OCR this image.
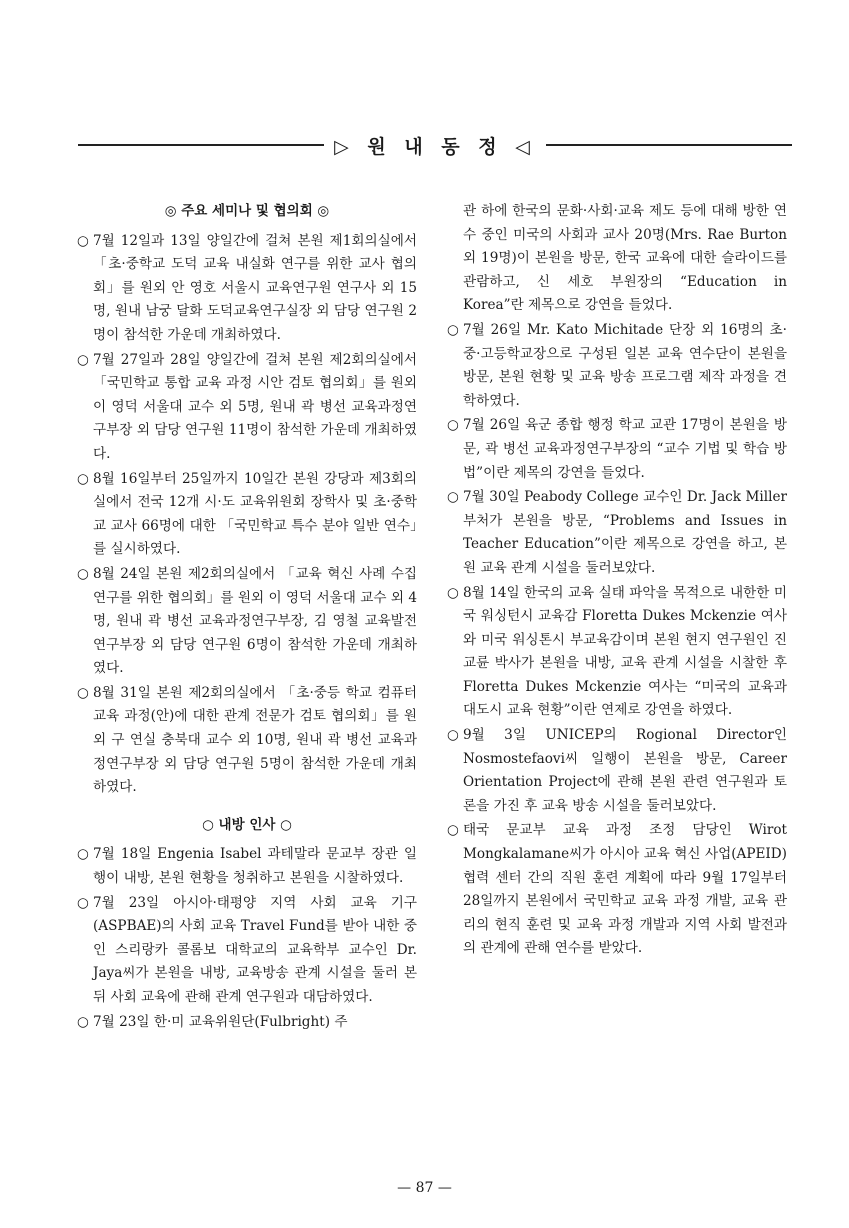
▷ 원 내 동 정 ◁
◎ 주요 세미나 및 협의회 ◎

○ 7월 12일과 13일 양일간에 걸쳐 본원 제1회의실에서 「초·중학교 도덕 교육 내실화 연구를 위한 교사 협의회」를 원외 안 영호 서울시 교육연구원 연구사 외 15명, 원내 남궁 달화 도덕교육연구실장 외 담당 연구원 2명이 참석한 가운데 개최하였다.

○ 7월 27일과 28일 양일간에 걸쳐 본원 제2회의실에서 「국민학교 통합 교육 과정 시안 검토 협의회」를 원외 이 영덕 서울대 교수 외 5명, 원내 곽 병선 교육과정연구부장 외 담당 연구원 11명이 참석한 가운데 개최하였다.

○ 8월 16일부터 25일까지 10일간 본원 강당과 제3회의실에서 전국 12개 시·도 교육위원회 장학사 및 초·중학교 교사 66명에 대한 「국민학교 특수 분야 일반 연수」를 실시하였다.

○ 8월 24일 본원 제2회의실에서 「교육 혁신 사례 수집 연구를 위한 협의회」를 원외 이 영덕 서울대 교수 외 4명, 원내 곽 병선 교육과정연구부장, 김 영철 교육발전연구부장 외 담당 연구원 6명이 참석한 가운데 개최하였다.

○ 8월 31일 본원 제2회의실에서 「초·중등 학교 컴퓨터 교육 과정(안)에 대한 관계 전문가 검토 협의회」를 원외 구 연실 충북대 교수 외 10명, 원내 곽 병선 교육과정연구부장 외 담당 연구원 5명이 참석한 가운데 개최하였다.

○ 내방 인사 ○

○ 7월 18일 Engenia Isabel 과테말라 문교부 장관 일행이 내방, 본원 현황을 청취하고 본원을 시찰하였다.

○ 7월 23일 아시아·태평양 지역 사회 교육 기구(ASPBAE)의 사회 교육 Travel Fund를 받아 내한 중인 스리랑카 콜롬보 대학교의 교육학부 교수인 Dr. Jaya씨가 본원을 내방, 교육방송 관계 시설을 둘러 본 뒤 사회 교육에 관해 관계 연구원과 대담하였다.

○ 7월 23일 한·미 교육위원단(Fulbright) 주

관 하에 한국의 문화·사회·교육 제도 등에 대해 방한 연수 중인 미국의 사회과 교사 20명(Mrs. Rae Burton 외 19명)이 본원을 방문, 한국 교육에 대한 슬라이드를 관람하고, 신 세호 부원장의 “Education in Korea”란 제목으로 강연을 들었다.

○ 7월 26일 Mr. Kato Michitade 단장 외 16명의 초·중·고등학교장으로 구성된 일본 교육 연수단이 본원을 방문, 본원 현황 및 교육 방송 프로그램 제작 과정을 견학하였다.

○ 7월 26일 육군 종합 행정 학교 교관 17명이 본원을 방문, 곽 병선 교육과정연구부장의 “교수 기법 및 학습 방법”이란 제목의 강연을 들었다.

○ 7월 30일 Peabody College 교수인 Dr. Jack Miller 부처가 본원을 방문, “Problems and Issues in Teacher Education”이란 제목으로 강연을 하고, 본원 교육 관계 시설을 둘러보았다.

○ 8월 14일 한국의 교육 실태 파악을 목적으로 내한한 미국 워싱턴시 교육감 Floretta Dukes Mckenzie 여사와 미국 워싱톤시 부교육감이며 본원 현지 연구원인 진 교륜 박사가 본원을 내방, 교육 관계 시설을 시찰한 후 Floretta Dukes Mckenzie 여사는 “미국의 교육과 대도시 교육 현황”이란 연제로 강연을 하였다.

○ 9월 3일 UNICEP의 Rogional Director인 Nosmostefaovi씨 일행이 본원을 방문, Career Orientation Project에 관해 본원 관련 연구원과 토론을 가진 후 교육 방송 시설을 둘러보았다.

○ 태국 문교부 교육 과정 조정 담당인 Wirot Mongkalamane씨가 아시아 교육 혁신 사업(APEID) 협력 센터 간의 직원 훈련 계획에 따라 9월 17일부터 28일까지 본원에서 국민학교 교육 과정 개발, 교육 관리의 현직 훈련 및 교육 과정 개발과 지역 사회 발전과의 관계에 관해 연수를 받았다.

— 87 —
